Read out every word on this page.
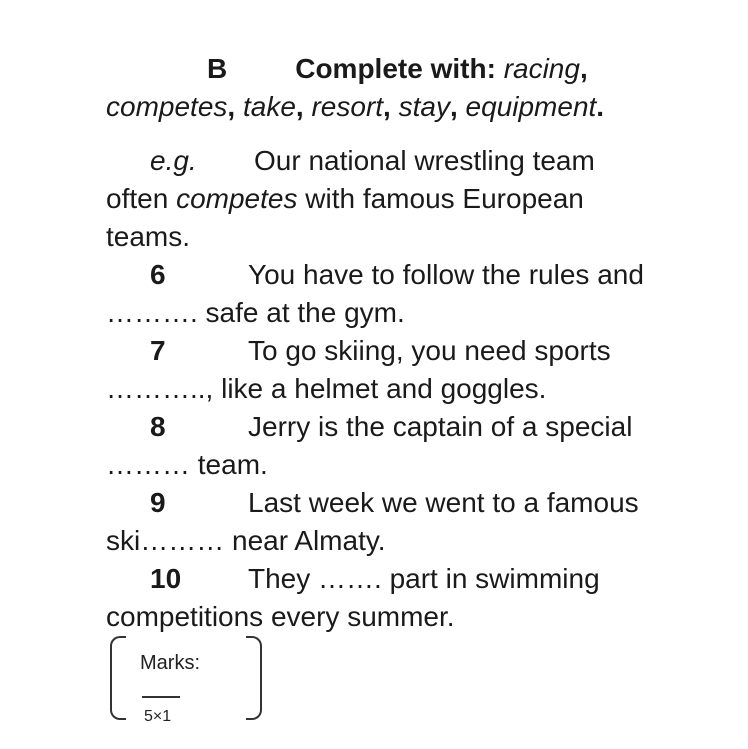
B Complete with: racing,
competes, take, resort, stay, equipment.
e.g. Our national wrestling team
often competes with famous European
teams.
6	You have to follow the rules and
………. safe at the gym.
7	To go skiing, you need sports
……….., like a helmet and goggles.
8	Jerry is the captain of a special
……… team.
9	Last week we went to a famous
ski……… near Almaty.
10 They ……. part in swimming
competitions every summer.
Marks:
5×1
